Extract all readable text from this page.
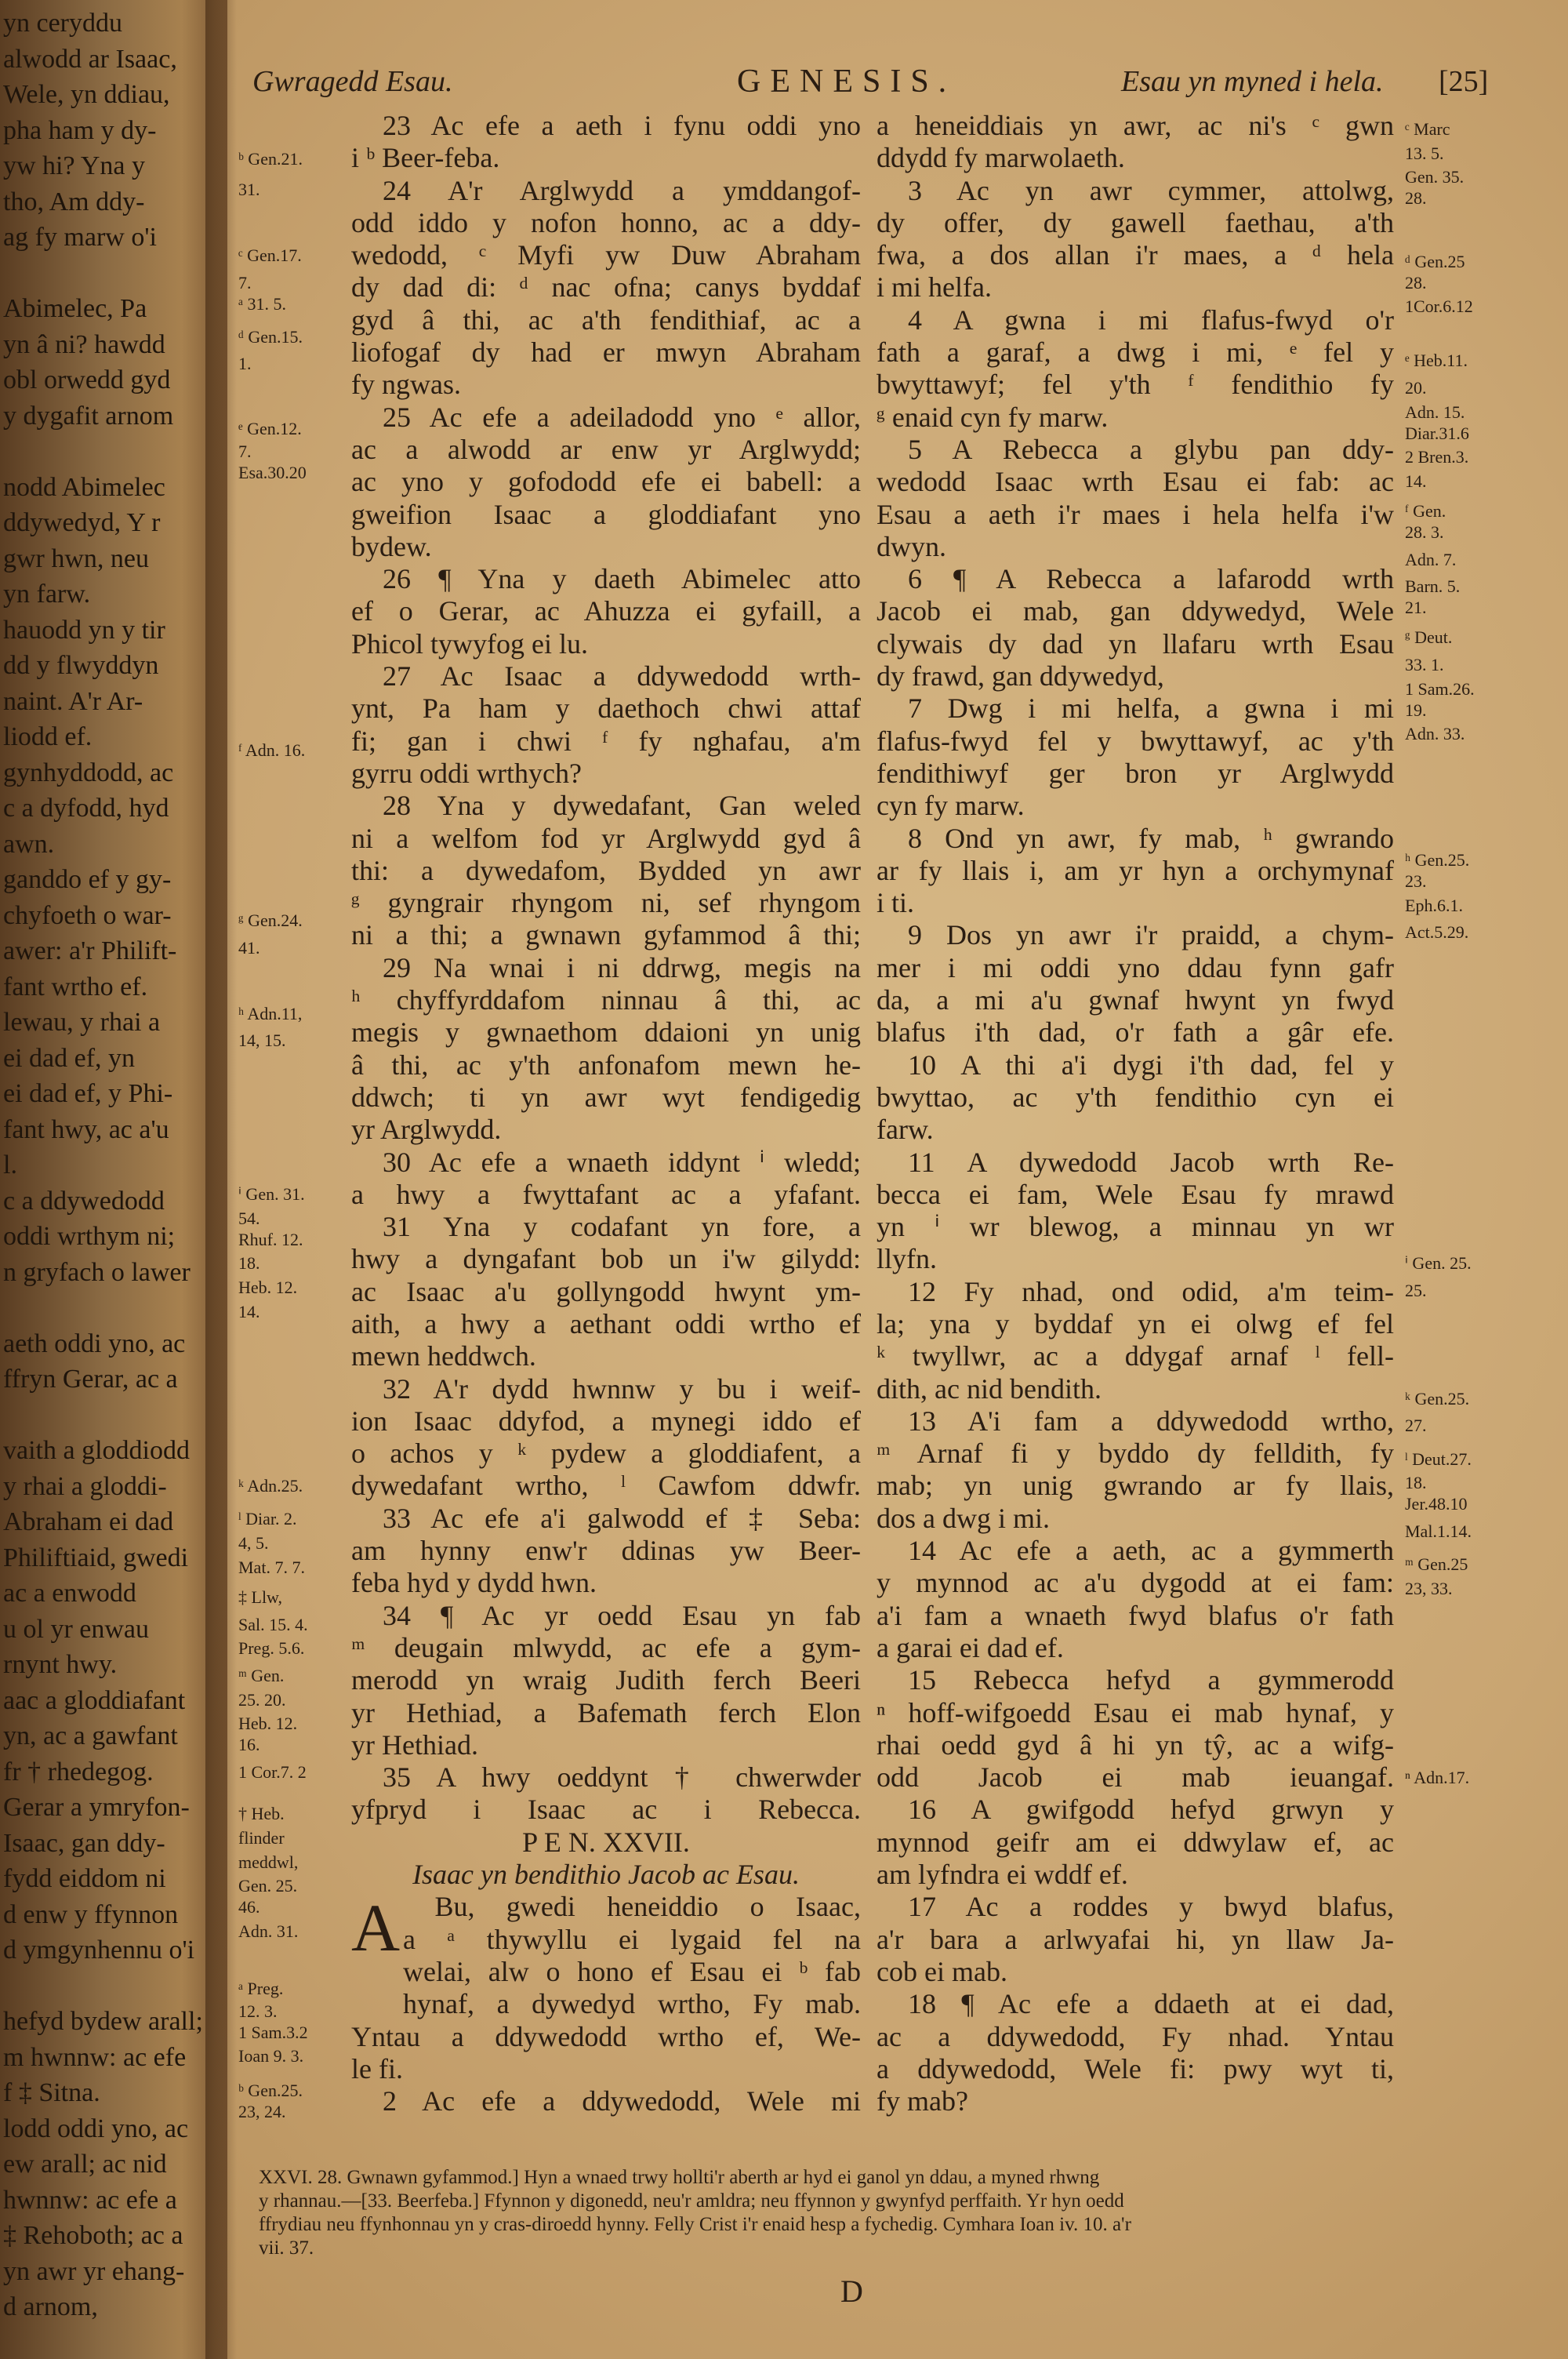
yn ceryddu
alwodd ar Isaac,
Wele, yn ddiau,
pha ham y dy-
yw hi? Yna y
tho, Am ddy-
ag fy marw o'i
Abimelec, Pa
yn â ni? hawdd
obl orwedd gyd
y dygafit arnom
nodd Abimelec
ddywedyd, Y r
gwr hwn, neu
yn farw.
hauodd yn y tir
dd y flwyddyn
naint. A'r Ar-
liodd ef.
gynhyddodd, ac
c a dyfodd, hyd
awn.
ganddo ef y gy-
chyfoeth o war-
awer: a'r Philift-
fant wrtho ef.
lewau, y rhai a
ei dad ef, yn
ei dad ef, y Phi-
fant hwy, ac a'u
l.
c a ddywedodd
oddi wrthym ni;
n gryfach o lawer
aeth oddi yno, ac
ffryn Gerar, ac a
vaith a gloddiodd
y rhai a gloddi-
Abraham ei dad
Philiftiaid, gwedi
ac a enwodd
u ol yr enwau
rnynt hwy.
aac a gloddiafant
yn, ac a gawfant
fr † rhedegog.
Gerar a ymryfon-
Isaac, gan ddy-
fydd eiddom ni
d enw y ffynnon
d ymgynhennu o'i
hefyd bydew arall;
m hwnnw: ac efe
f ‡ Sitna.
lodd oddi yno, ac
ew arall; ac nid
hwnnw: ac efe a
‡ Rehoboth; ac a
yn awr yr ehang-
d arnom,
Gwragedd Esau.	GENESIS.	Esau yn myned i hela. [25]
23 Ac efe a aeth i fynu oddi yno
i ᵇ Beer-feba.
24 A'r Arglwydd a ymddangof-
odd iddo y nofon honno, ac a ddy-
wedodd, ᶜ Myfi yw Duw Abraham
dy dad di: ᵈ nac ofna; canys byddaf
gyd â thi, ac a'th fendithiaf, ac a
liofogaf dy had er mwyn Abraham
fy ngwas.
25 Ac efe a adeiladodd yno ᵉ allor,
ac a alwodd ar enw yr Arglwydd;
ac yno y gofododd efe ei babell: a
gweifion Isaac a gloddiafant yno
bydew.
26 ¶ Yna y daeth Abimelec atto
ef o Gerar, ac Ahuzza ei gyfaill, a
Phicol tywyfog ei lu.
27 Ac Isaac a ddywedodd wrth-
ynt, Pa ham y daethoch chwi attaf
fi; gan i chwi ᶠ fy nghafau, a'm
gyrru oddi wrthych?
28 Yna y dywedafant, Gan weled
ni a welfom fod yr Arglwydd gyd â
thi: a dywedafom, Bydded yn awr
ᵍ gyngrair rhyngom ni, sef rhyngom
ni a thi; a gwnawn gyfammod â thi;
29 Na wnai i ni ddrwg, megis na
ʰ chyffyrddafom ninnau â thi, ac
megis y gwnaethom ddaioni yn unig
â thi, ac y'th anfonafom mewn he-
ddwch; ti yn awr wyt fendigedig
yr Arglwydd.
30 Ac efe a wnaeth iddynt ⁱ wledd;
a hwy a fwyttafant ac a yfafant.
31 Yna y codafant yn fore, a
hwy a dyngafant bob un i'w gilydd:
ac Isaac a'u gollyngodd hwynt ym-
aith, a hwy a aethant oddi wrtho ef
mewn heddwch.
32 A'r dydd hwnnw y bu i weif-
ion Isaac ddyfod, a mynegi iddo ef
o achos y ᵏ pydew a gloddiafent, a
dywedafant wrtho, ˡ Cawfom ddwfr.
33 Ac efe a'i galwodd ef ‡ Seba:
am hynny enw'r ddinas yw Beer-
feba hyd y dydd hwn.
34 ¶ Ac yr oedd Esau yn fab
ᵐ deugain mlwydd, ac efe a gym-
merodd yn wraig Judith ferch Beeri
yr Hethiad, a Bafemath ferch Elon
yr Hethiad.
35 A hwy oeddynt † chwerwder
yfpryd i Isaac ac i Rebecca.
P E N. XXVII.
Isaac yn bendithio Jacob ac Esau.
A Bu, gwedi heneiddio o Isaac,
a ᵃ thywyllu ei lygaid fel na
welai, alw o hono ef Esau ei ᵇ fab
hynaf, a dywedyd wrtho, Fy mab.
Yntau a ddywedodd wrtho ef, We-
le fi.
2 Ac efe a ddywedodd, Wele mi
a heneiddiais yn awr, ac ni's ᶜ gwn
ddydd fy marwolaeth.
3 Ac yn awr cymmer, attolwg,
dy offer, dy gawell faethau, a'th
fwa, a dos allan i'r maes, a ᵈ hela
i mi helfa.
4 A gwna i mi flafus-fwyd o'r
fath a garaf, a dwg i mi, ᵉ fel y
bwyttawyf; fel y'th ᶠ fendithio fy
ᵍ enaid cyn fy marw.
5 A Rebecca a glybu pan ddy-
wedodd Isaac wrth Esau ei fab: ac
Esau a aeth i'r maes i hela helfa i'w
dwyn.
6 ¶ A Rebecca a lafarodd wrth
Jacob ei mab, gan ddywedyd, Wele
clywais dy dad yn llafaru wrth Esau
dy frawd, gan ddywedyd,
7 Dwg i mi helfa, a gwna i mi
flafus-fwyd fel y bwyttawyf, ac y'th
fendithiwyf ger bron yr Arglwydd
cyn fy marw.
8 Ond yn awr, fy mab, ʰ gwrando
ar fy llais i, am yr hyn a orchymynaf
i ti.
9 Dos yn awr i'r praidd, a chym-
mer i mi oddi yno ddau fynn gafr
da, a mi a'u gwnaf hwynt yn fwyd
blafus i'th dad, o'r fath a gâr efe.
10 A thi a'i dygi i'th dad, fel y
bwyttao, ac y'th fendithio cyn ei
farw.
11 A dywedodd Jacob wrth Re-
becca ei fam, Wele Esau fy mrawd
yn ⁱ wr blewog, a minnau yn wr
llyfn.
12 Fy nhad, ond odid, a'm teim-
la; yna y byddaf yn ei olwg ef fel
ᵏ twyllwr, ac a ddygaf arnaf ˡ fell-
dith, ac nid bendith.
13 A'i fam a ddywedodd wrtho,
ᵐ Arnaf fi y byddo dy felldith, fy
mab; yn unig gwrando ar fy llais,
dos a dwg i mi.
14 Ac efe a aeth, ac a gymmerth
y mynnod ac a'u dygodd at ei fam:
a'i fam a wnaeth fwyd blafus o'r fath
a garai ei dad ef.
15 Rebecca hefyd a gymmerodd
ⁿ hoff-wifgoedd Esau ei mab hynaf, y
rhai oedd gyd â hi yn tŷ, ac a wifg-
odd Jacob ei mab ieuangaf.
16 A gwifgodd hefyd grwyn y
mynnod geifr am ei ddwylaw ef, ac
am lyfndra ei wddf ef.
17 Ac a roddes y bwyd blafus,
a'r bara a arlwyafai hi, yn llaw Ja-
cob ei mab.
18 ¶ Ac efe a ddaeth at ei dad,
ac a ddywedodd, Fy nhad. Yntau
a ddywedodd, Wele fi: pwy wyt ti,
fy mab?
ᵇ Gen.21.
31.
ᶜ Gen.17.
7.
ᵃ 31. 5.
ᵈ Gen.15.
1.
ᵉ Gen.12.
7.
Esa.30.20
ᶠ Adn. 16.
ᵍ Gen.24.
41.
ʰ Adn.11,
14, 15.
ⁱ Gen. 31.
54.
Rhuf. 12.
18.
Heb. 12.
14.
ᵏ Adn.25.
ˡ Diar. 2.
4, 5.
Mat. 7. 7.
‡ Llw,
Sal. 15. 4.
Preg. 5.6.
ᵐ Gen.
25. 20.
Heb. 12.
16.
1 Cor.7. 2
† Heb.
flinder
meddwl,
Gen. 25.
46.
Adn. 31.
ᵃ Preg.
12. 3.
1 Sam.3.2
Ioan 9. 3.
ᵇ Gen.25.
23, 24.
ᶜ Marc
13. 5.
Gen. 35.
28.
ᵈ Gen.25
28.
1Cor.6.12
ᵉ Heb.11.
20.
Adn. 15.
Diar.31.6
2 Bren.3.
14.
ᶠ Gen.
28. 3.
Adn. 7.
Barn. 5.
21.
ᵍ Deut.
33. 1.
1 Sam.26.
19.
Adn. 33.
ʰ Gen.25.
23.
Eph.6.1.
Act.5.29.
ⁱ Gen. 25.
25.
ᵏ Gen.25.
27.
ˡ Deut.27.
18.
Jer.48.10
Mal.1.14.
ᵐ Gen.25
23, 33.
ⁿ Adn.17.
XXVI. 28. Gwnawn gyfammod.] Hyn a wnaed trwy hollti'r aberth ar hyd ei ganol yn ddau, a myned rhwng
y rhannau.—[33. Beerfeba.] Ffynnon y digonedd, neu'r amldra; neu ffynnon y gwynfyd perffaith. Yr hyn oedd
ffrydiau neu ffynhonnau yn y cras-diroedd hynny. Felly Crist i'r enaid hesp a fychedig. Cymhara Ioan iv. 10. a'r
vii. 37.
D
